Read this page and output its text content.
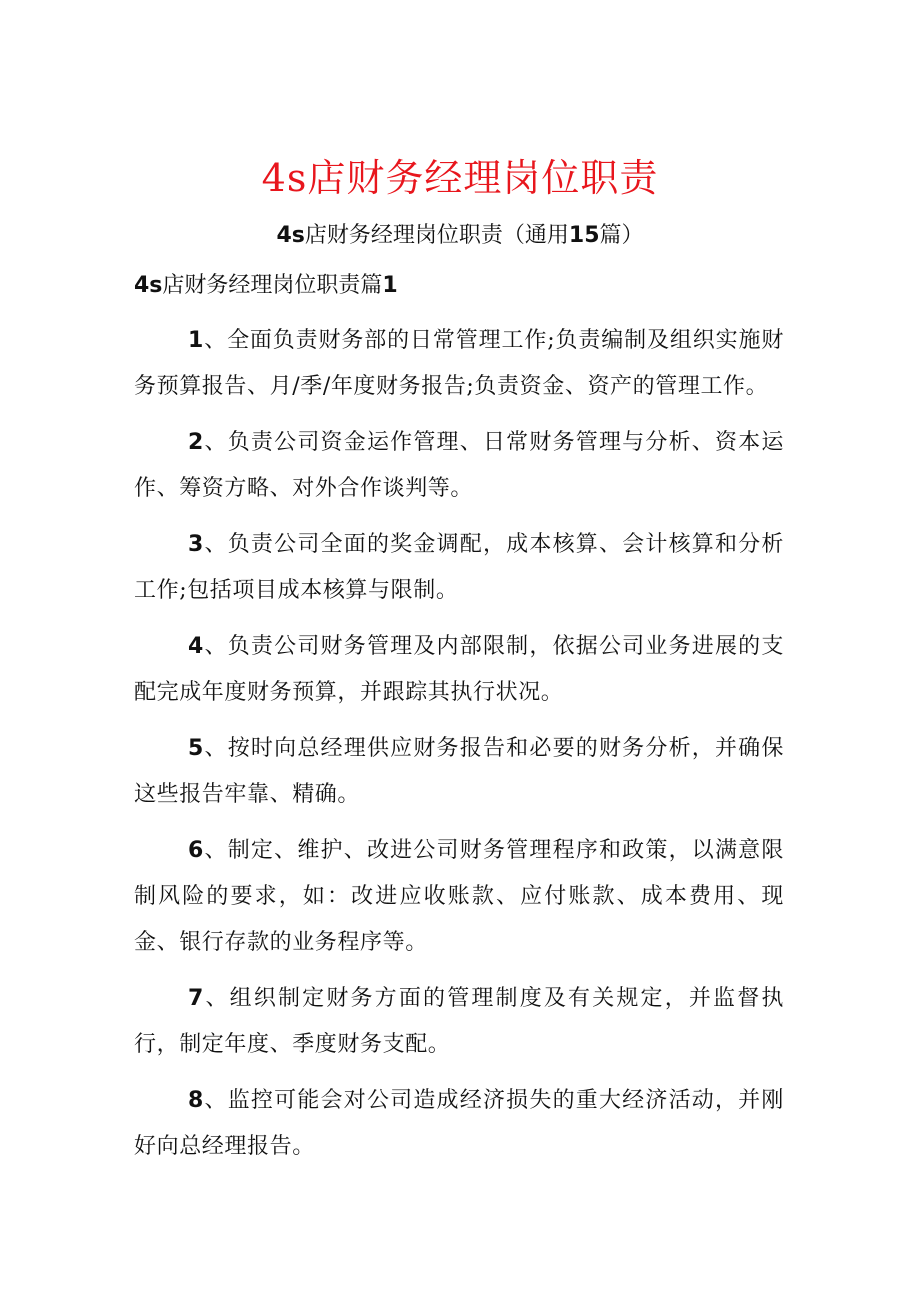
4s店财务经理岗位职责
4s店财务经理岗位职责（通用15篇）
4s店财务经理岗位职责篇1

1、全面负责财务部的日常管理工作;负责编制及组织实施财务预算报告、月/季/年度财务报告;负责资金、资产的管理工作。

2、负责公司资金运作管理、日常财务管理与分析、资本运作、筹资方略、对外合作谈判等。

3、负责公司全面的奖金调配，成本核算、会计核算和分析工作;包括项目成本核算与限制。

4、负责公司财务管理及内部限制，依据公司业务进展的支配完成年度财务预算，并跟踪其执行状况。

5、按时向总经理供应财务报告和必要的财务分析，并确保这些报告牢靠、精确。

6、制定、维护、改进公司财务管理程序和政策，以满意限制风险的要求，如：改进应收账款、应付账款、成本费用、现金、银行存款的业务程序等。

7、组织制定财务方面的管理制度及有关规定，并监督执行，制定年度、季度财务支配。

8、监控可能会对公司造成经济损失的重大经济活动，并刚好向总经理报告。
